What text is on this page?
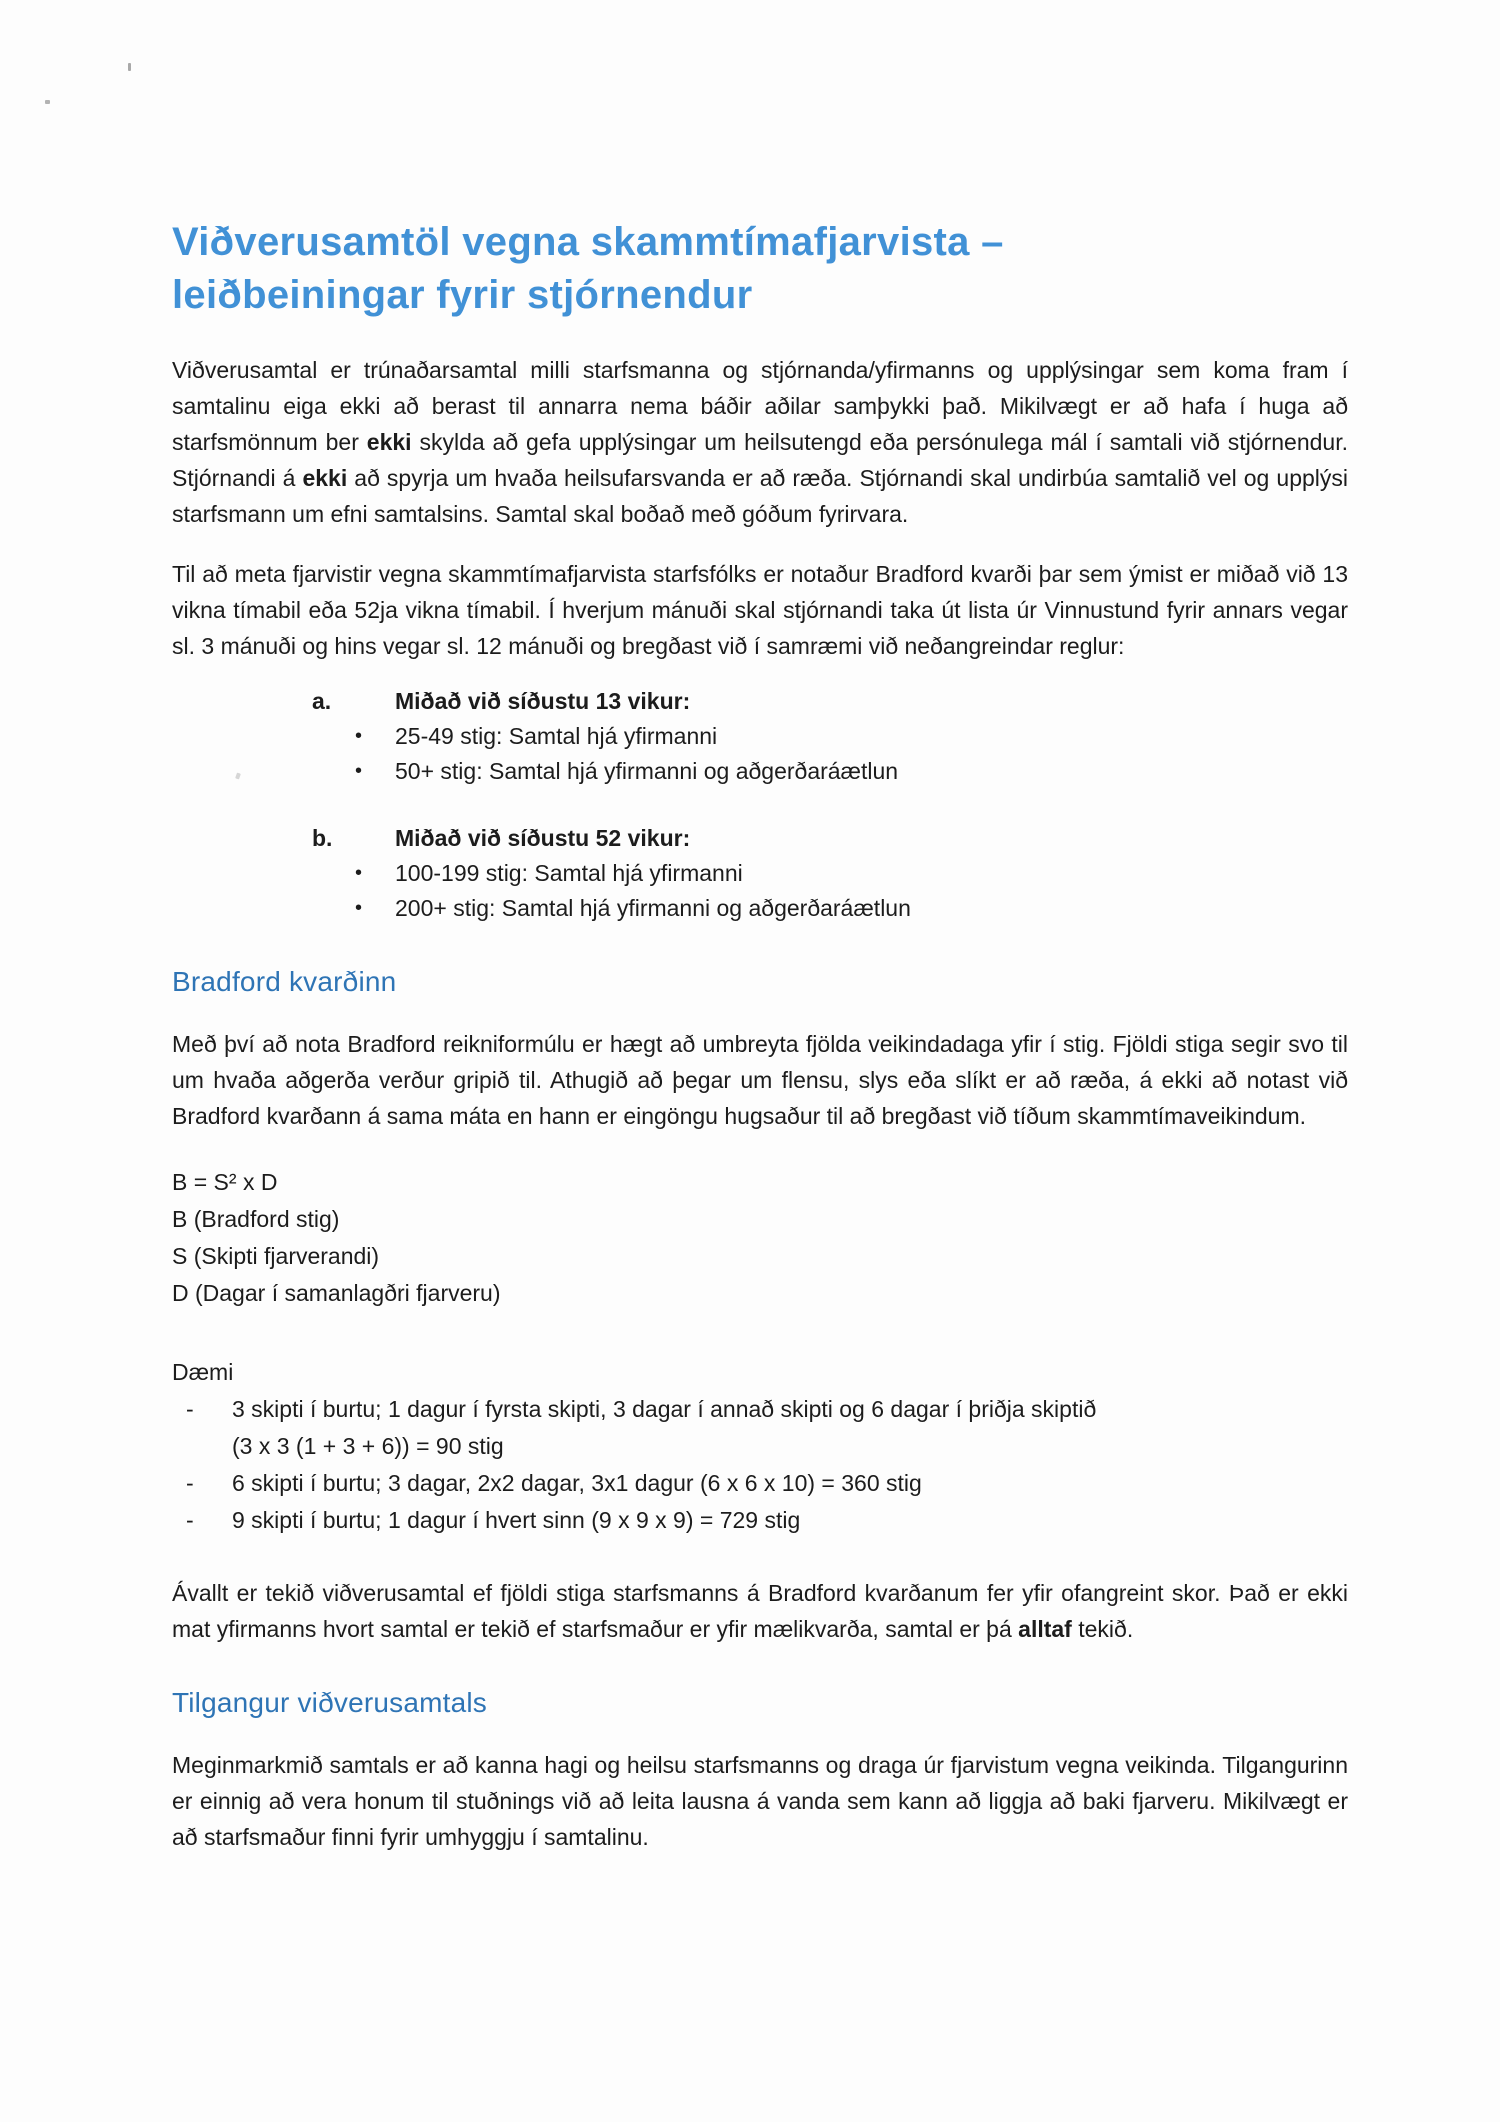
Viðverusamtöl vegna skammtímafjarvista –
leiðbeiningar fyrir stjórnendur

Viðverusamtal er trúnaðarsamtal milli starfsmanna og stjórnanda/yfirmanns og upplýsingar sem koma fram í samtalinu eiga ekki að berast til annarra nema báðir aðilar samþykki það. Mikilvægt er að hafa í huga að starfsmönnum ber ekki skylda að gefa upplýsingar um heilsutengd eða persónulega mál í samtali við stjórnendur. Stjórnandi á ekki að spyrja um hvaða heilsufarsvanda er að ræða. Stjórnandi skal undirbúa samtalið vel og upplýsi starfsmann um efni samtalsins. Samtal skal boðað með góðum fyrirvara.

Til að meta fjarvistir vegna skammtímafjarvista starfsfólks er notaður Bradford kvarði þar sem ýmist er miðað við 13 vikna tímabil eða 52ja vikna tímabil. Í hverjum mánuði skal stjórnandi taka út lista úr Vinnustund fyrir annars vegar sl. 3 mánuði og hins vegar sl. 12 mánuði og bregðast við í samræmi við neðangreindar reglur:

a.	Miðað við síðustu 13 vikur:
•	25-49 stig: Samtal hjá yfirmanni
•	50+ stig: Samtal hjá yfirmanni og aðgerðaráætlun
b.	Miðað við síðustu 52 vikur:
•	100-199 stig: Samtal hjá yfirmanni
•	200+ stig: Samtal hjá yfirmanni og aðgerðaráætlun
Bradford kvarðinn

Með því að nota Bradford reikniformúlu er hægt að umbreyta fjölda veikindadaga yfir í stig. Fjöldi stiga segir svo til um hvaða aðgerða verður gripið til. Athugið að þegar um flensu, slys eða slíkt er að ræða, á ekki að notast við Bradford kvarðann á sama máta en hann er eingöngu hugsaður til að bregðast við tíðum skammtímaveikindum.

B = S² x D

B (Bradford stig)

S (Skipti fjarverandi)

D (Dagar í samanlagðri fjarveru)

Dæmi

-	3 skipti í burtu; 1 dagur í fyrsta skipti, 3 dagar í annað skipti og 6 dagar í þriðja skiptið
(3 x 3 (1 + 3 + 6)) = 90 stig
-	6 skipti í burtu; 3 dagar, 2x2 dagar, 3x1 dagur (6 x 6 x 10) = 360 stig
-	9 skipti í burtu; 1 dagur í hvert sinn (9 x 9 x 9) = 729 stig

Ávallt er tekið viðverusamtal ef fjöldi stiga starfsmanns á Bradford kvarðanum fer yfir ofangreint skor. Það er ekki mat yfirmanns hvort samtal er tekið ef starfsmaður er yfir mælikvarða, samtal er þá alltaf tekið.

Tilgangur viðverusamtals

Meginmarkmið samtals er að kanna hagi og heilsu starfsmanns og draga úr fjarvistum vegna veikinda. Tilgangurinn er einnig að vera honum til stuðnings við að leita lausna á vanda sem kann að liggja að baki fjarveru. Mikilvægt er að starfsmaður finni fyrir umhyggju í samtalinu.
